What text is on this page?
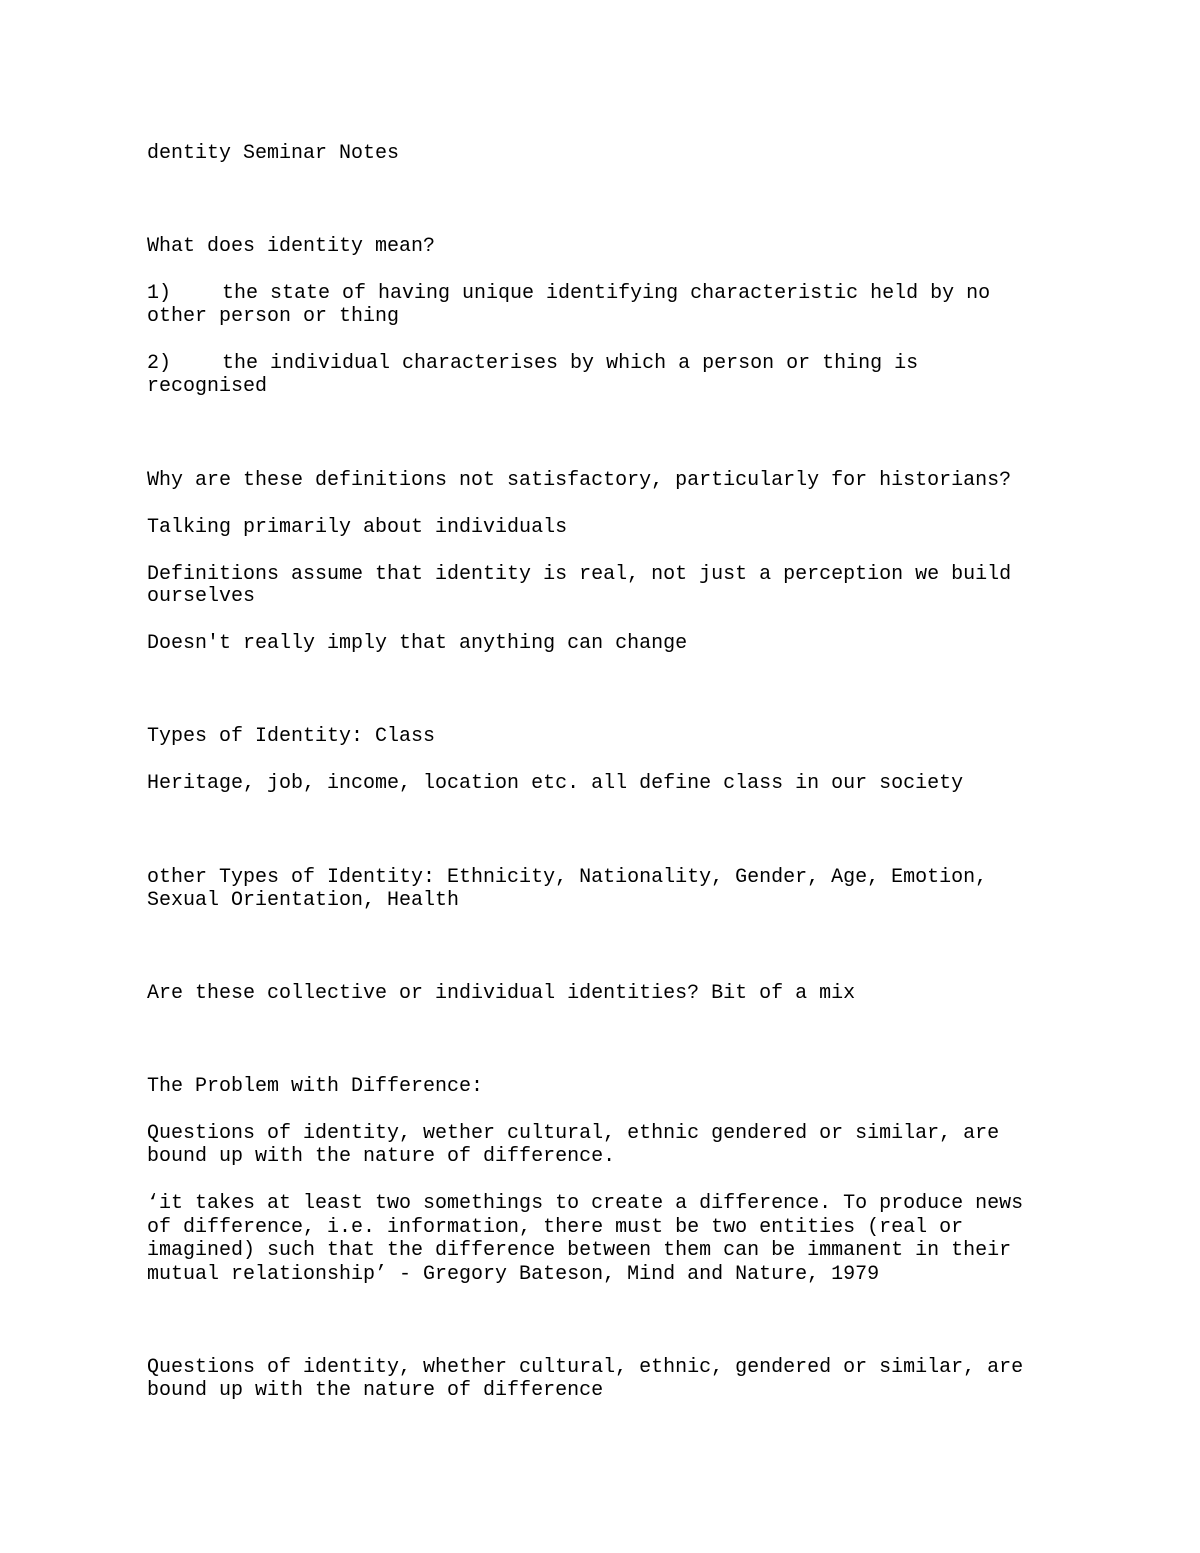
dentity Seminar Notes

What does identity mean?

1)	the state of having unique identifying characteristic held by no

other person or thing

2)	the individual characterises by which a person or thing is

recognised

Why are these definitions not satisfactory, particularly for historians?

Talking primarily about individuals

Definitions assume that identity is real, not just a perception we build

ourselves

Doesn't really imply that anything can change

Types of Identity: Class

Heritage, job, income, location etc. all define class in our society

other Types of Identity: Ethnicity, Nationality, Gender, Age, Emotion,

Sexual Orientation, Health

Are these collective or individual identities? Bit of a mix

The Problem with Difference:

Questions of identity, wether cultural, ethnic gendered or similar, are

bound up with the nature of difference.

‘it takes at least two somethings to create a difference. To produce news

of difference, i.e. information, there must be two entities (real or

imagined) such that the difference between them can be immanent in their

mutual relationship’ - Gregory Bateson, Mind and Nature, 1979

Questions of identity, whether cultural, ethnic, gendered or similar, are

bound up with the nature of difference
